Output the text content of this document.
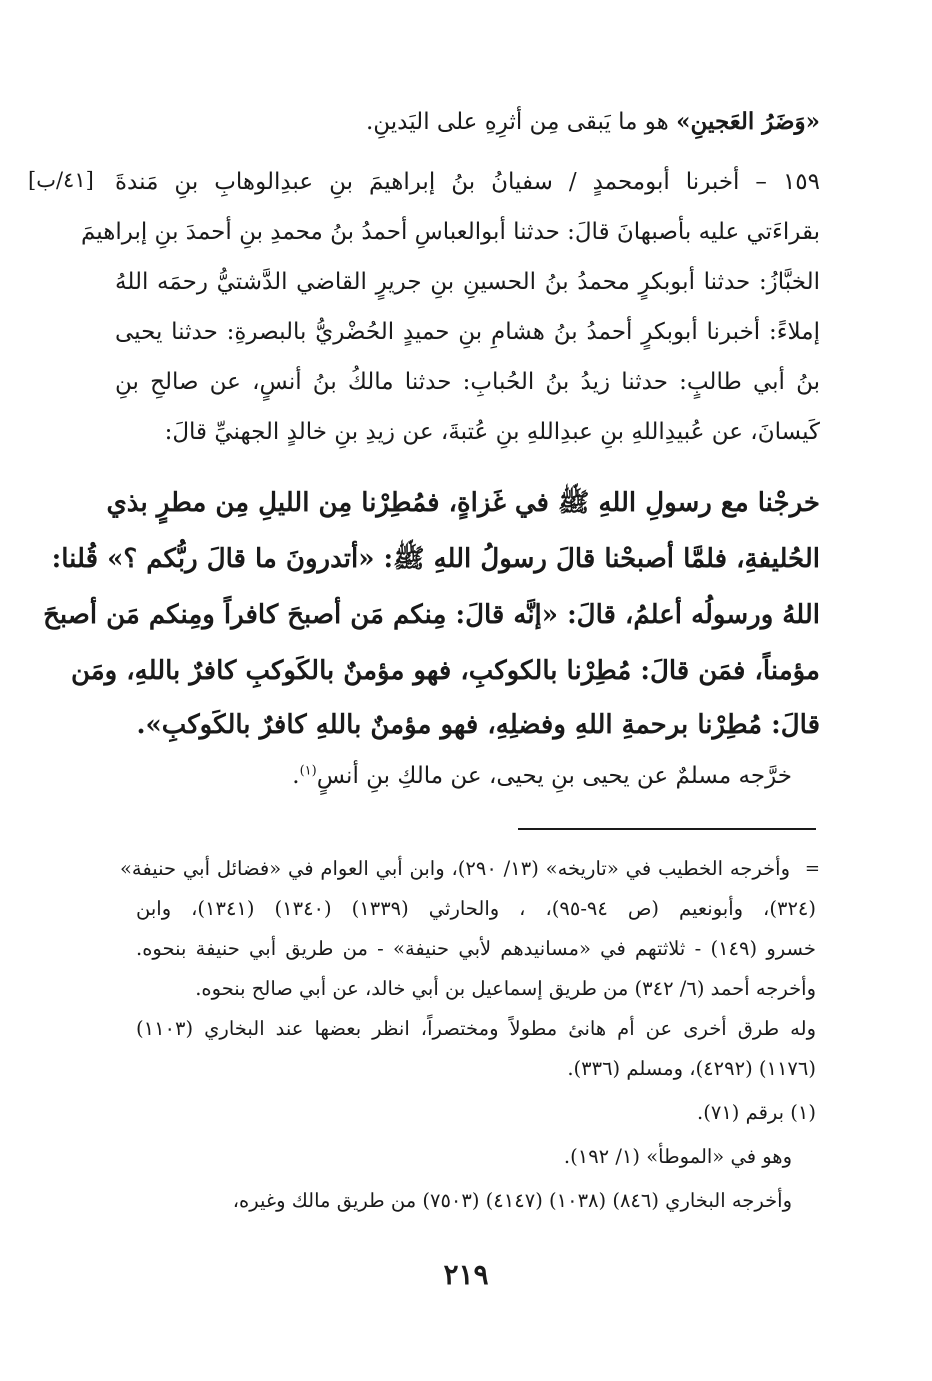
[٤١/ب]
«وَضَرُ العَجينِ» هو ما يَبقى مِن أثرِهِ على اليَدينِ.
١٥٩ – أخبرنا أبومحمدٍ / سفيانُ بنُ إبراهيمَ بنِ عبدِالوهابِ بنِ مَندةَ
بقراءَتي عليه بأصبهانَ قالَ: حدثنا أبوالعباسِ أحمدُ بنُ محمدِ بنِ أحمدَ بنِ إبراهيمَ
الخبَّازُ: حدثنا أبوبكرٍ محمدُ بنُ الحسينِ بنِ جريرٍ القاضي الدَّشتيُّ رحمَه اللهُ
إملاءً: أخبرنا أبوبكرٍ أحمدُ بنُ هشامِ بنِ حميدٍ الحُضْريُّ بالبصرةِ: حدثنا يحيى
بنُ أبي طالبٍ: حدثنا زيدُ بنُ الحُبابِ: حدثنا مالكُ بنُ أنسٍ، عن صالحِ بنِ
كَيسانَ، عن عُبيدِاللهِ بنِ عبدِاللهِ بنِ عُتبةَ، عن زيدِ بنِ خالدٍ الجهنيِّ قالَ:
خرجْنا مع رسولِ اللهِ ﷺ في غَزاةٍ، فمُطِرْنا مِن الليلِ مِن مطرٍ بذي
الحُليفةِ، فلمَّا أصبحْنا قالَ رسولُ اللهِ ﷺ: «أتدرونَ ما قالَ ربُّكم ؟» قُلنا:
اللهُ ورسولُه أعلمُ، قالَ: «إنَّه قالَ: مِنكم مَن أصبحَ كافراً ومِنكم مَن أصبحَ
مؤمناً، فمَن قالَ: مُطِرْنا بالكوكبِ، فهو مؤمنٌ بالكَوكبِ كافرٌ باللهِ، ومَن
قالَ: مُطِرْنا برحمةِ اللهِ وفضلِهِ، فهو مؤمنٌ باللهِ كافرٌ بالكَوكبِ».
خرَّجه مسلمٌ عن يحيى بنِ يحيى، عن مالكِ بنِ أنسٍ$^{(١)}$.
=
وأخرجه الخطيب في «تاريخه» (١٣/ ٢٩٠)، وابن أبي العوام في «فضائل أبي حنيفة»
(٣٢٤)، وأبونعيم (ص ٩٤-٩٥)، ، والحارثي (١٣٣٩) (١٣٤٠) (١٣٤١)، وابن
خسرو (١٤٩) - ثلاثتهم في «مسانيدهم لأبي حنيفة» - من طريق أبي حنيفة بنحوه.
وأخرجه أحمد (٦/ ٣٤٢) من طريق إسماعيل بن أبي خالد، عن أبي صالح بنحوه.
وله طرق أخرى عن أم هانئ مطولاً ومختصراً، انظر بعضها عند البخاري (١١٠٣)
(١١٧٦) (٤٢٩٢)، ومسلم (٣٣٦).
(١) برقم (٧١).
وهو في «الموطأ» (١/ ١٩٢).
وأخرجه البخاري (٨٤٦) (١٠٣٨) (٤١٤٧) (٧٥٠٣) من طريق مالك وغيره،
٢١٩
